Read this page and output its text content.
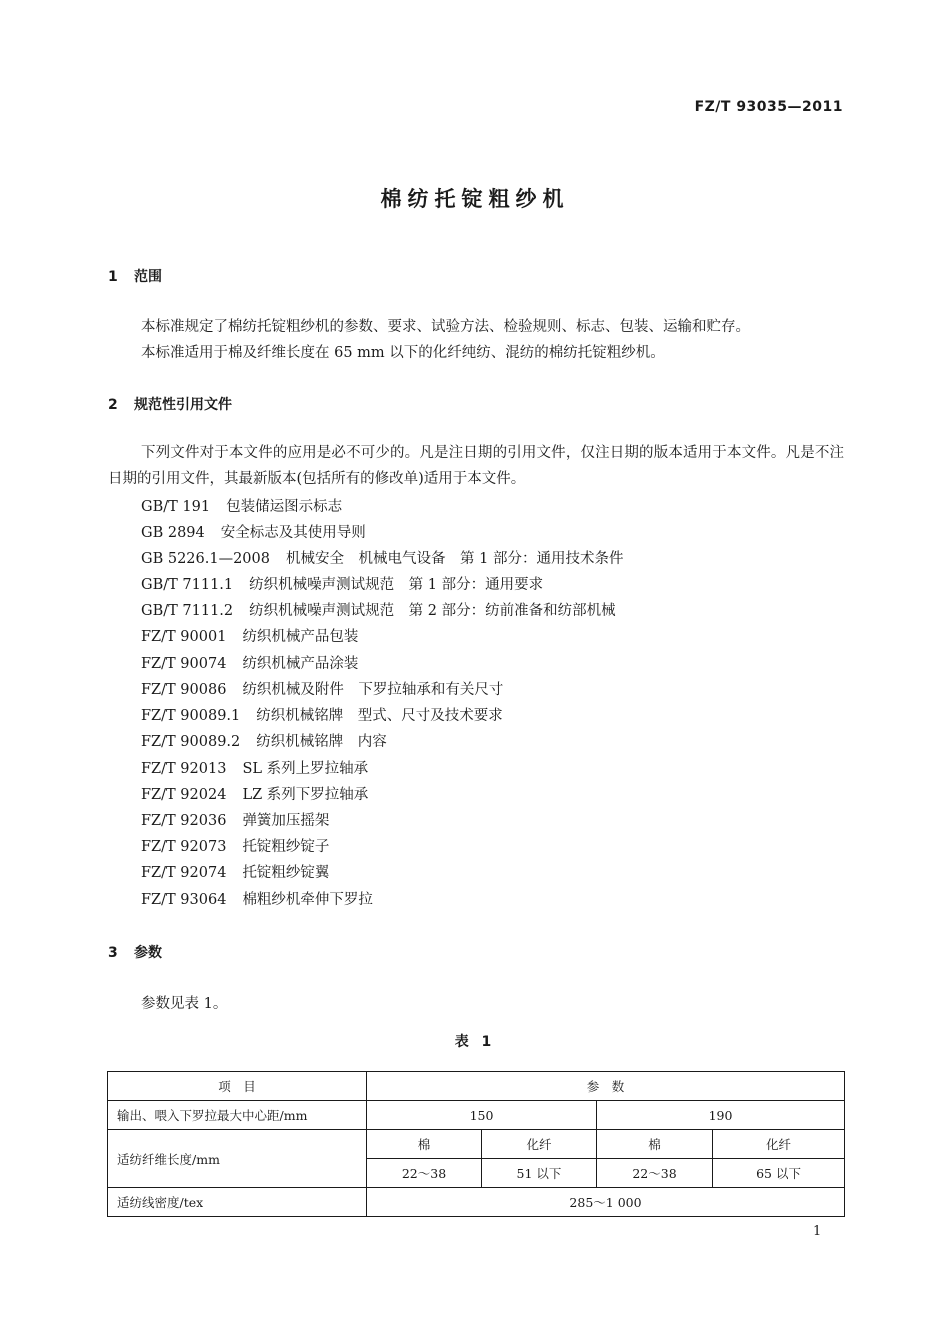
FZ/T 93035—2011
棉纺托锭粗纱机
1 范围
本标准规定了棉纺托锭粗纱机的参数、要求、试验方法、检验规则、标志、包装、运输和贮存。
本标准适用于棉及纤维长度在 65 mm 以下的化纤纯纺、混纺的棉纺托锭粗纱机。
2 规范性引用文件
下列文件对于本文件的应用是必不可少的。凡是注日期的引用文件，仅注日期的版本适用于本文件。凡是不注日期的引用文件，其最新版本(包括所有的修改单)适用于本文件。
GB/T 191 包装储运图示标志
GB 2894 安全标志及其使用导则
GB 5226.1—2008 机械安全　机械电气设备　第 1 部分：通用技术条件
GB/T 7111.1 纺织机械噪声测试规范　第 1 部分：通用要求
GB/T 7111.2 纺织机械噪声测试规范　第 2 部分：纺前准备和纺部机械
FZ/T 90001 纺织机械产品包装
FZ/T 90074 纺织机械产品涂装
FZ/T 90086 纺织机械及附件　下罗拉轴承和有关尺寸
FZ/T 90089.1 纺织机械铭牌　型式、尺寸及技术要求
FZ/T 90089.2 纺织机械铭牌　内容
FZ/T 92013 SL 系列上罗拉轴承
FZ/T 92024 LZ 系列下罗拉轴承
FZ/T 92036 弹簧加压摇架
FZ/T 92073 托锭粗纱锭子
FZ/T 92074 托锭粗纱锭翼
FZ/T 93064 棉粗纱机牵伸下罗拉
3 参数
参数见表 1。
表 1
项　目	参　数			
输出、喂入下罗拉最大中心距/mm	150		190	
适纺纤维长度/mm	棉	化纤	棉	化纤
	22～38	51 以下	22～38	65 以下
适纺线密度/tex	285～1 000			
1
